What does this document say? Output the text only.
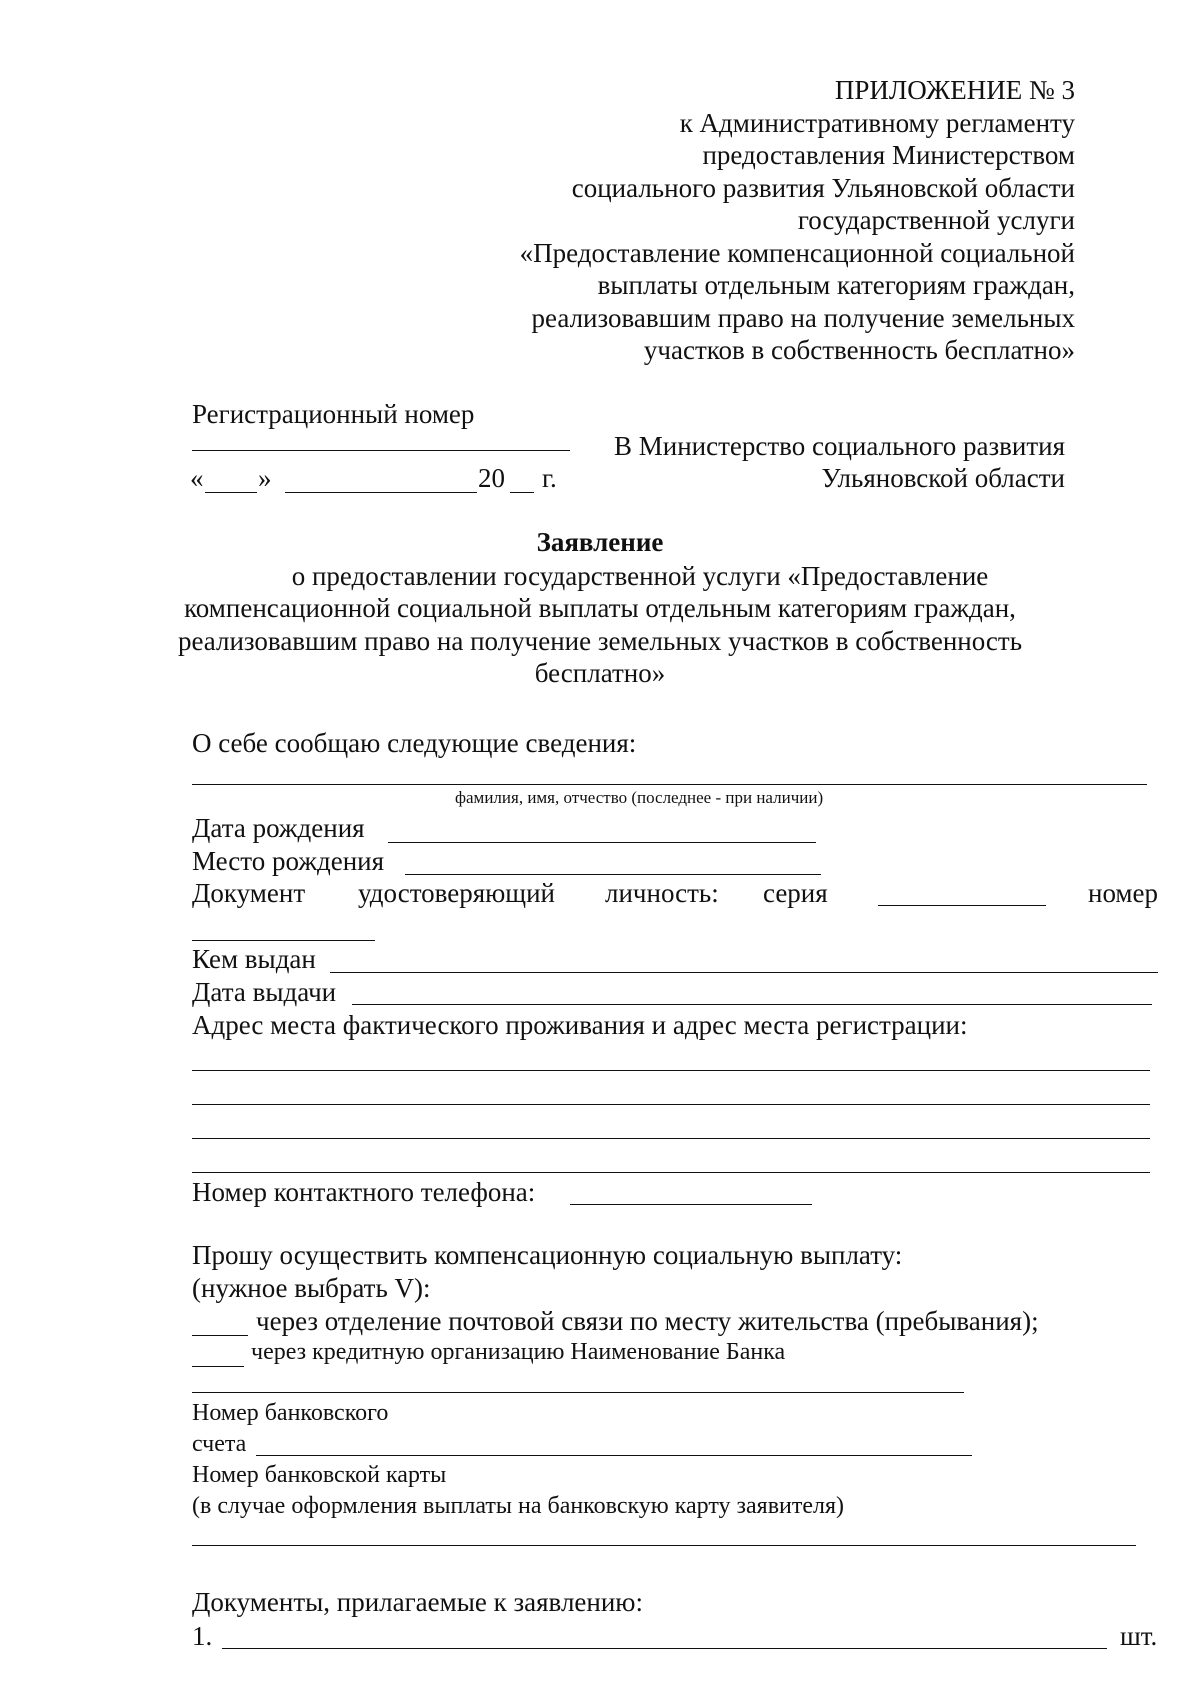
ПРИЛОЖЕНИЕ № 3
к Административному регламенту
предоставления Министерством
социального развития Ульяновской области
государственной услуги
«Предоставление компенсационной социальной
выплаты отдельным категориям граждан,
реализовавшим право на получение земельных
участков в собственность бесплатно»
Регистрационный номер
« »	20 г.
В Министерство социального развития
Ульяновской области
Заявление
о предоставлении государственной услуги «Предоставление
компенсационной социальной выплаты отдельным категориям граждан,
реализовавшим право на получение земельных участков в собственность
бесплатно»
О себе сообщаю следующие сведения:
фамилия, имя, отчество (последнее - при наличии)
Дата рождения
Место рождения
Документ удостоверяющий личность: серия	номер
Кем выдан
Дата выдачи
Адрес места фактического проживания и адрес места регистрации:
Номер контактного телефона:
Прошу осуществить компенсационную социальную выплату:
(нужное выбрать V):
через отделение почтовой связи по месту жительства (пребывания);
через кредитную организацию Наименование Банка
Номер банковского
счета
Номер банковской карты
(в случае оформления выплаты на банковскую карту заявителя)
Документы, прилагаемые к заявлению:
1.	шт.
